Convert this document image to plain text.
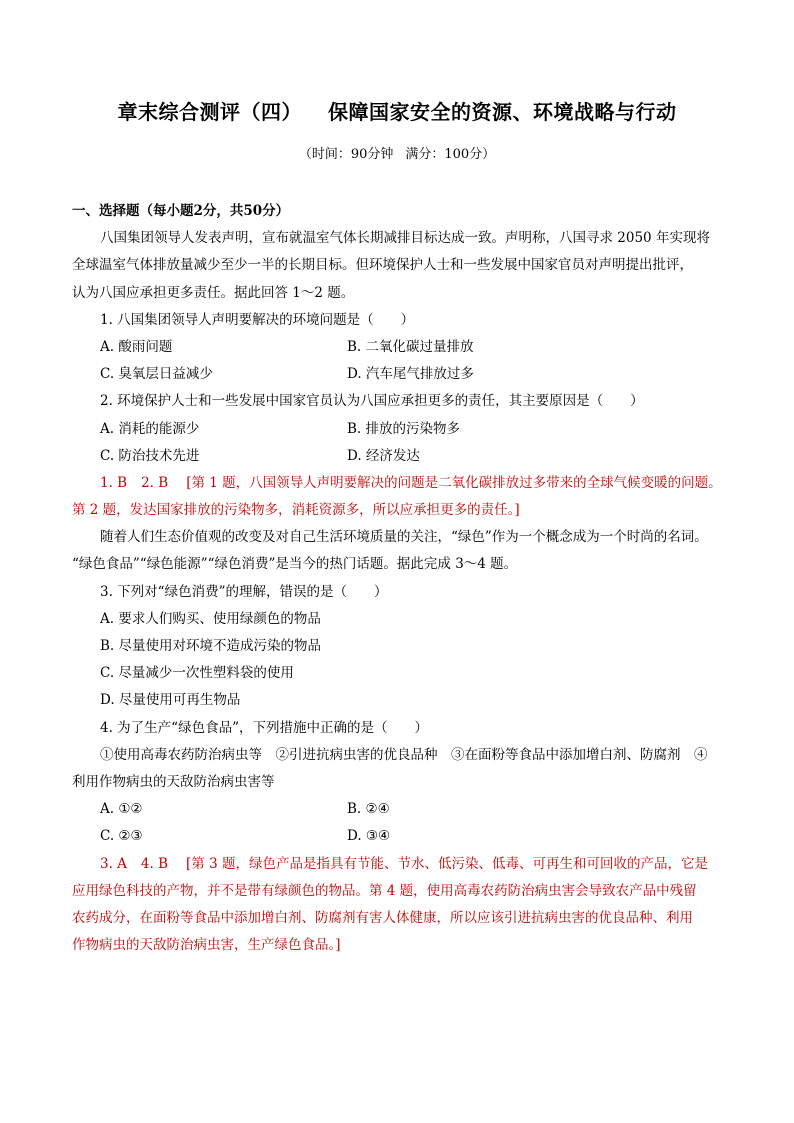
章末综合测评（四） 保障国家安全的资源、环境战略与行动
（时间：90分钟 满分：100分）
一、选择题（每小题2分，共50分）
八国集团领导人发表声明，宣布就温室气体长期减排目标达成一致。声明称，八国寻求 2050 年实现将
全球温室气体排放量减少至少一半的长期目标。但环境保护人士和一些发展中国家官员对声明提出批评，
认为八国应承担更多责任。据此回答 1～2 题。
1. 八国集团领导人声明要解决的环境问题是（　　）
A. 酸雨问题	B. 二氧化碳过量排放
C. 臭氧层日益减少	D. 汽车尾气排放过多
2. 环境保护人士和一些发展中国家官员认为八国应承担更多的责任，其主要原因是（　　）
A. 消耗的能源少	B. 排放的污染物多
C. 防治技术先进	D. 经济发达
1. B 2. B [第 1 题，八国领导人声明要解决的问题是二氧化碳排放过多带来的全球气候变暖的问题。
第 2 题，发达国家排放的污染物多，消耗资源多，所以应承担更多的责任。]
随着人们生态价值观的改变及对自己生活环境质量的关注，“绿色”作为一个概念成为一个时尚的名词。
“绿色食品”“绿色能源”“绿色消费”是当今的热门话题。据此完成 3～4 题。
3. 下列对“绿色消费”的理解，错误的是（　　）
A. 要求人们购买、使用绿颜色的物品
B. 尽量使用对环境不造成污染的物品
C. 尽量减少一次性塑料袋的使用
D. 尽量使用可再生物品
4. 为了生产“绿色食品”，下列措施中正确的是（　　）
①使用高毒农药防治病虫等　②引进抗病虫害的优良品种　③在面粉等食品中添加增白剂、防腐剂　④
利用作物病虫的天敌防治病虫害等
A. ①②	B. ②④
C. ②③	D. ③④
3. A 4. B [第 3 题，绿色产品是指具有节能、节水、低污染、低毒、可再生和可回收的产品，它是
应用绿色科技的产物，并不是带有绿颜色的物品。第 4 题，使用高毒农药防治病虫害会导致农产品中残留
农药成分，在面粉等食品中添加增白剂、防腐剂有害人体健康，所以应该引进抗病虫害的优良品种、利用
作物病虫的天敌防治病虫害，生产绿色食品。]
